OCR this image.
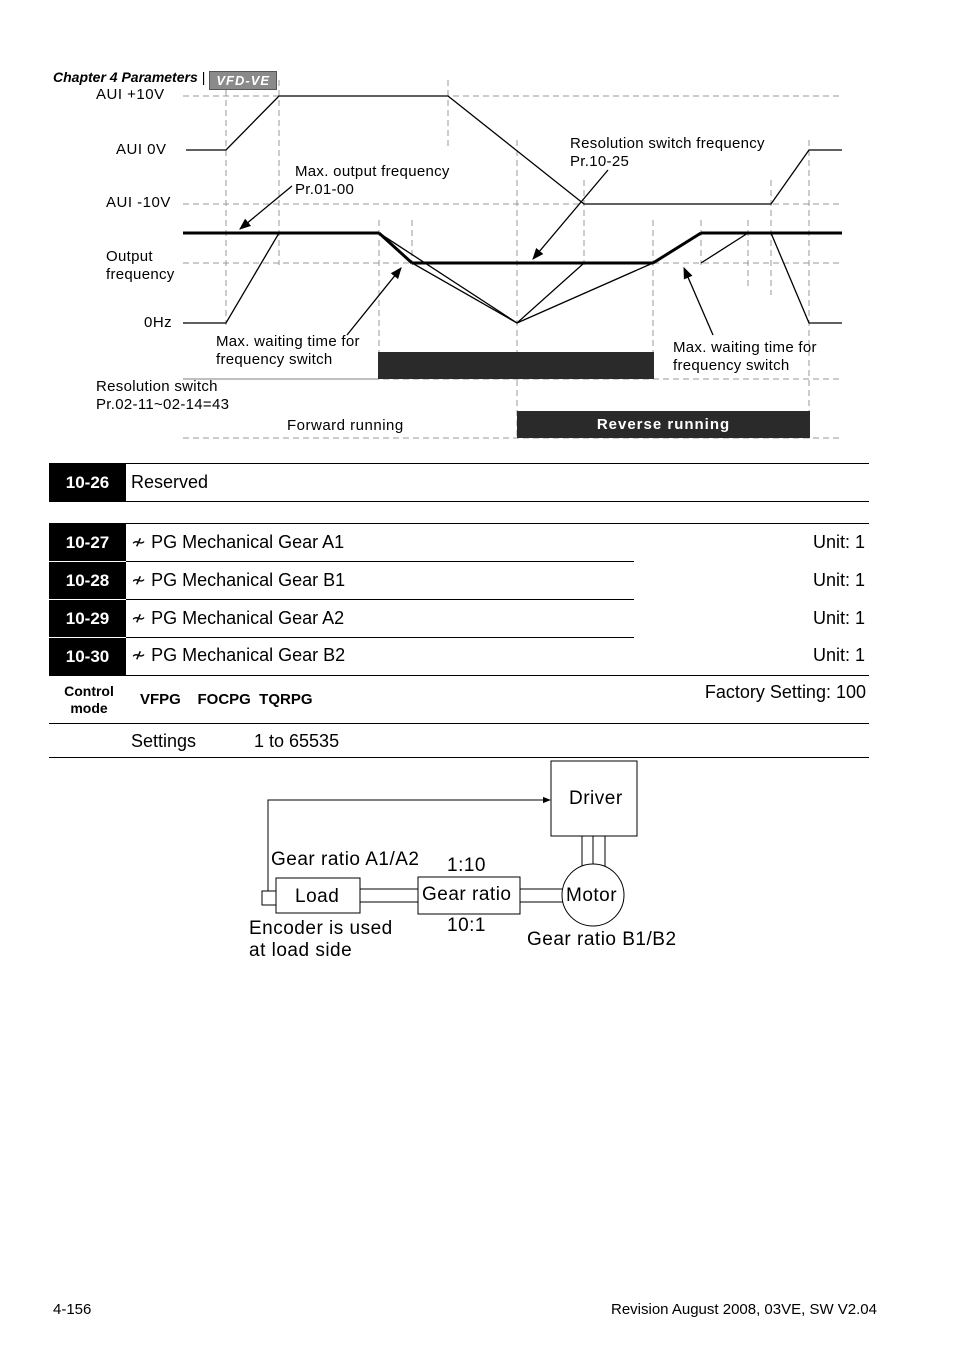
Chapter 4 Parameters | VFD-VE
AUI +10V
AUI 0V
AUI -10V
Output
frequency
0Hz
Max. output frequency
Pr.01-00
Resolution switch frequency
Pr.10-25
Max. waiting time for
frequency switch
Max. waiting time for
frequency switch
Resolution switch
Pr.02-11~02-14=43
Forward running	Reverse running
10-26	Reserved
10-27	≁ PG Mechanical Gear A1	Unit: 1
10-28	≁ PG Mechanical Gear B1	Unit: 1
10-29	≁ PG Mechanical Gear A2	Unit: 1
10-30	≁ PG Mechanical Gear B2	Unit: 1
Control
mode	VFPG    FOCPG  TQRPG	Factory Setting: 100
Settings	1 to 65535
Driver
Gear ratio A1/A2 1:10
Load	Gear ratio	Motor
Encoder is used
at load side
10:1
Gear ratio B1/B2
4-156	Revision August 2008, 03VE, SW V2.04
